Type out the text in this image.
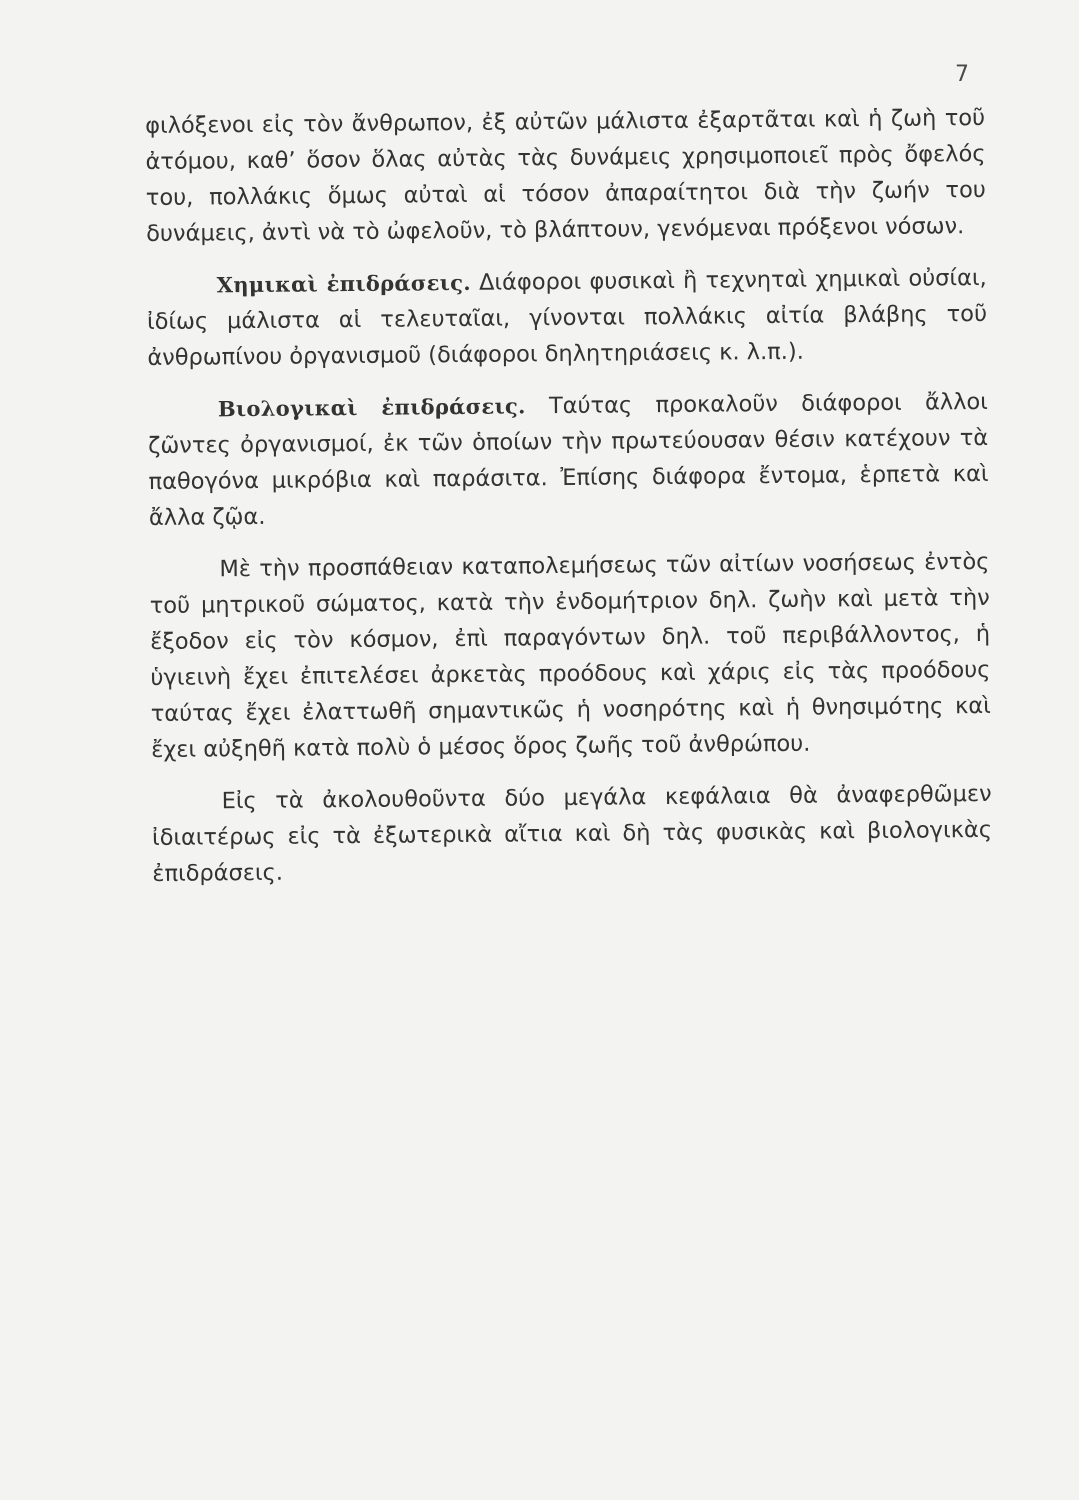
7

φιλόξενοι εἰς τὸν ἄνθρωπον, ἐξ αὐτῶν μάλιστα ἐξαρτᾶται καὶ ἡ ζωὴ τοῦ ἀτόμου, καθ’ ὅσον ὅλας αὐτὰς τὰς δυνάμεις χρησιμοποιεῖ πρὸς ὄφελός του, πολλάκις ὅμως αὐταὶ αἱ τόσον ἀπαραίτητοι διὰ τὴν ζωήν του δυνάμεις, ἀντὶ νὰ τὸ ὠφελοῦν, τὸ βλάπτουν, γενόμεναι πρόξενοι νόσων.

Χημικαὶ ἐπιδράσεις. Διάφοροι φυσικαὶ ἢ τεχνηταὶ χημικαὶ οὐσίαι, ἰδίως μάλιστα αἱ τελευταῖαι, γίνονται πολλάκις αἰτία βλάβης τοῦ ἀνθρωπίνου ὀργανισμοῦ (διάφοροι δηλητηριάσεις κ. λ.π.).

Βιολογικαὶ ἐπιδράσεις. Ταύτας προκαλοῦν διάφοροι ἄλλοι ζῶντες ὀργανισμοί, ἐκ τῶν ὁποίων τὴν πρωτεύουσαν θέσιν κατέχουν τὰ παθογόνα μικρόβια καὶ παράσιτα. Ἐπίσης διάφορα ἔντομα, ἑρπετὰ καὶ ἄλλα ζῷα.

Μὲ τὴν προσπάθειαν καταπολεμήσεως τῶν αἰτίων νοσήσεως ἐντὸς τοῦ μητρικοῦ σώματος, κατὰ τὴν ἐνδομήτριον δηλ. ζωὴν καὶ μετὰ τὴν ἔξοδον εἰς τὸν κόσμον, ἐπὶ παραγόντων δηλ. τοῦ περιβάλλοντος, ἡ ὑγιεινὴ ἔχει ἐπιτελέσει ἀρκετὰς προόδους καὶ χάρις εἰς τὰς προόδους ταύτας ἔχει ἐλαττωθῆ σημαντικῶς ἡ νοσηρότης καὶ ἡ θνησιμότης καὶ ἔχει αὐξηθῆ κατὰ πολὺ ὁ μέσος ὅρος ζωῆς τοῦ ἀνθρώπου.

Εἰς τὰ ἀκολουθοῦντα δύο μεγάλα κεφάλαια θὰ ἀναφερθῶμεν ἰδιαιτέρως εἰς τὰ ἐξωτερικὰ αἴτια καὶ δὴ τὰς φυσικὰς καὶ βιολογικὰς ἐπιδράσεις.
